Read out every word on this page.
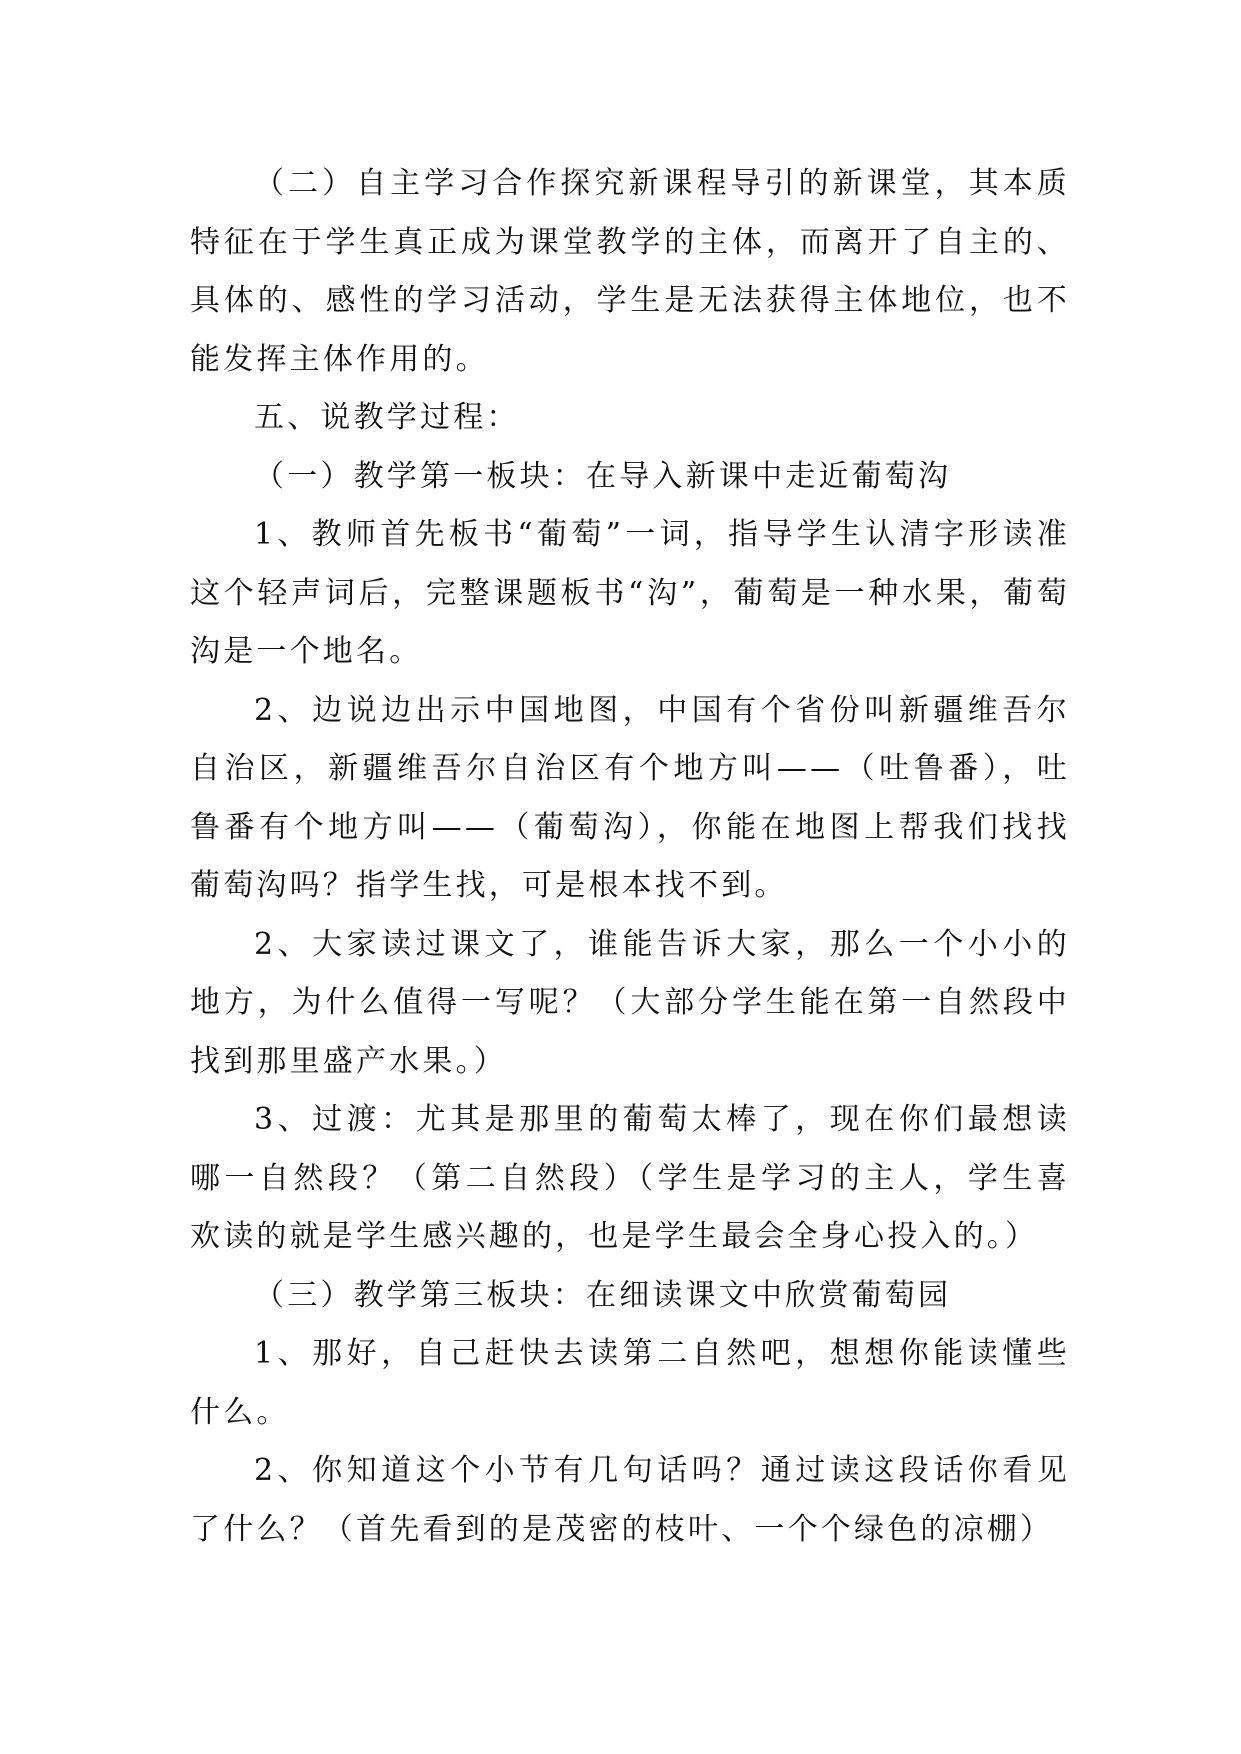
（二）自主学习合作探究新课程导引的新课堂，其本质特征在于学生真正成为课堂教学的主体，而离开了自主的、具体的、感性的学习活动，学生是无法获得主体地位，也不能发挥主体作用的。

五、说教学过程：

（一）教学第一板块：在导入新课中走近葡萄沟

1、教师首先板书“葡萄”一词，指导学生认清字形读准这个轻声词后，完整课题板书“沟”，葡萄是一种水果，葡萄沟是一个地名。

2、边说边出示中国地图，中国有个省份叫新疆维吾尔自治区，新疆维吾尔自治区有个地方叫——（吐鲁番），吐鲁番有个地方叫——（葡萄沟），你能在地图上帮我们找找葡萄沟吗？指学生找，可是根本找不到。

2、大家读过课文了，谁能告诉大家，那么一个小小的地方，为什么值得一写呢？（大部分学生能在第一自然段中找到那里盛产水果。）

3、过渡：尤其是那里的葡萄太棒了，现在你们最想读哪一自然段？（第二自然段）（学生是学习的主人，学生喜欢读的就是学生感兴趣的，也是学生最会全身心投入的。）

（三）教学第三板块：在细读课文中欣赏葡萄园

1、那好，自己赶快去读第二自然吧，想想你能读懂些什么。

2、你知道这个小节有几句话吗？通过读这段话你看见了什么？（首先看到的是茂密的枝叶、一个个绿色的凉棚）
